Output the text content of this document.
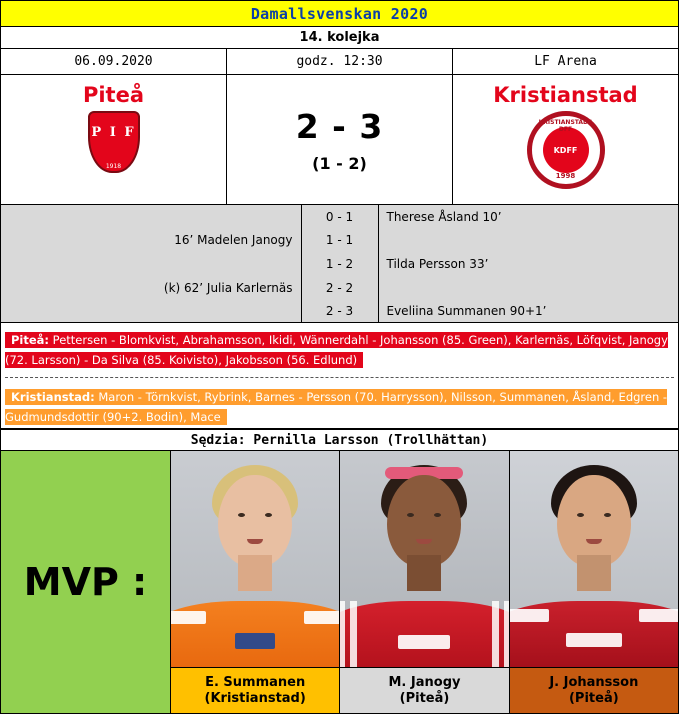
Damallsvenskan 2020
14. kolejka
06.09.2020	godz. 12:30	LF Arena
Piteå
P I F
1918
2 - 3
(1 - 2)
Kristianstad
KRISTIANSTADS DFF
KDFF
1998
16’ Madelen Janogy
(k) 62’ Julia Karlernäs
0 - 1
1 - 1
1 - 2
2 - 2
2 - 3
Therese Åsland 10’
Tilda Persson 33’
Eveliina Summanen 90+1’
Piteå: Pettersen - Blomkvist, Abrahamsson, Ikidi, Wännerdahl - Johansson (85. Green), Karlernäs, Löfqvist, Janogy (72. Larsson) - Da Silva (85. Koivisto), Jakobsson (56. Edlund)
Kristianstad: Maron - Törnkvist, Rybrink, Barnes - Persson (70. Harrysson), Nilsson, Summanen, Åsland, Edgren - Gudmundsdottir (90+2. Bodin), Mace
Sędzia: Pernilla Larsson (Trollhättan)
MVP :
E. Summanen
(Kristianstad)
M. Janogy
(Piteå)
J. Johansson
(Piteå)
